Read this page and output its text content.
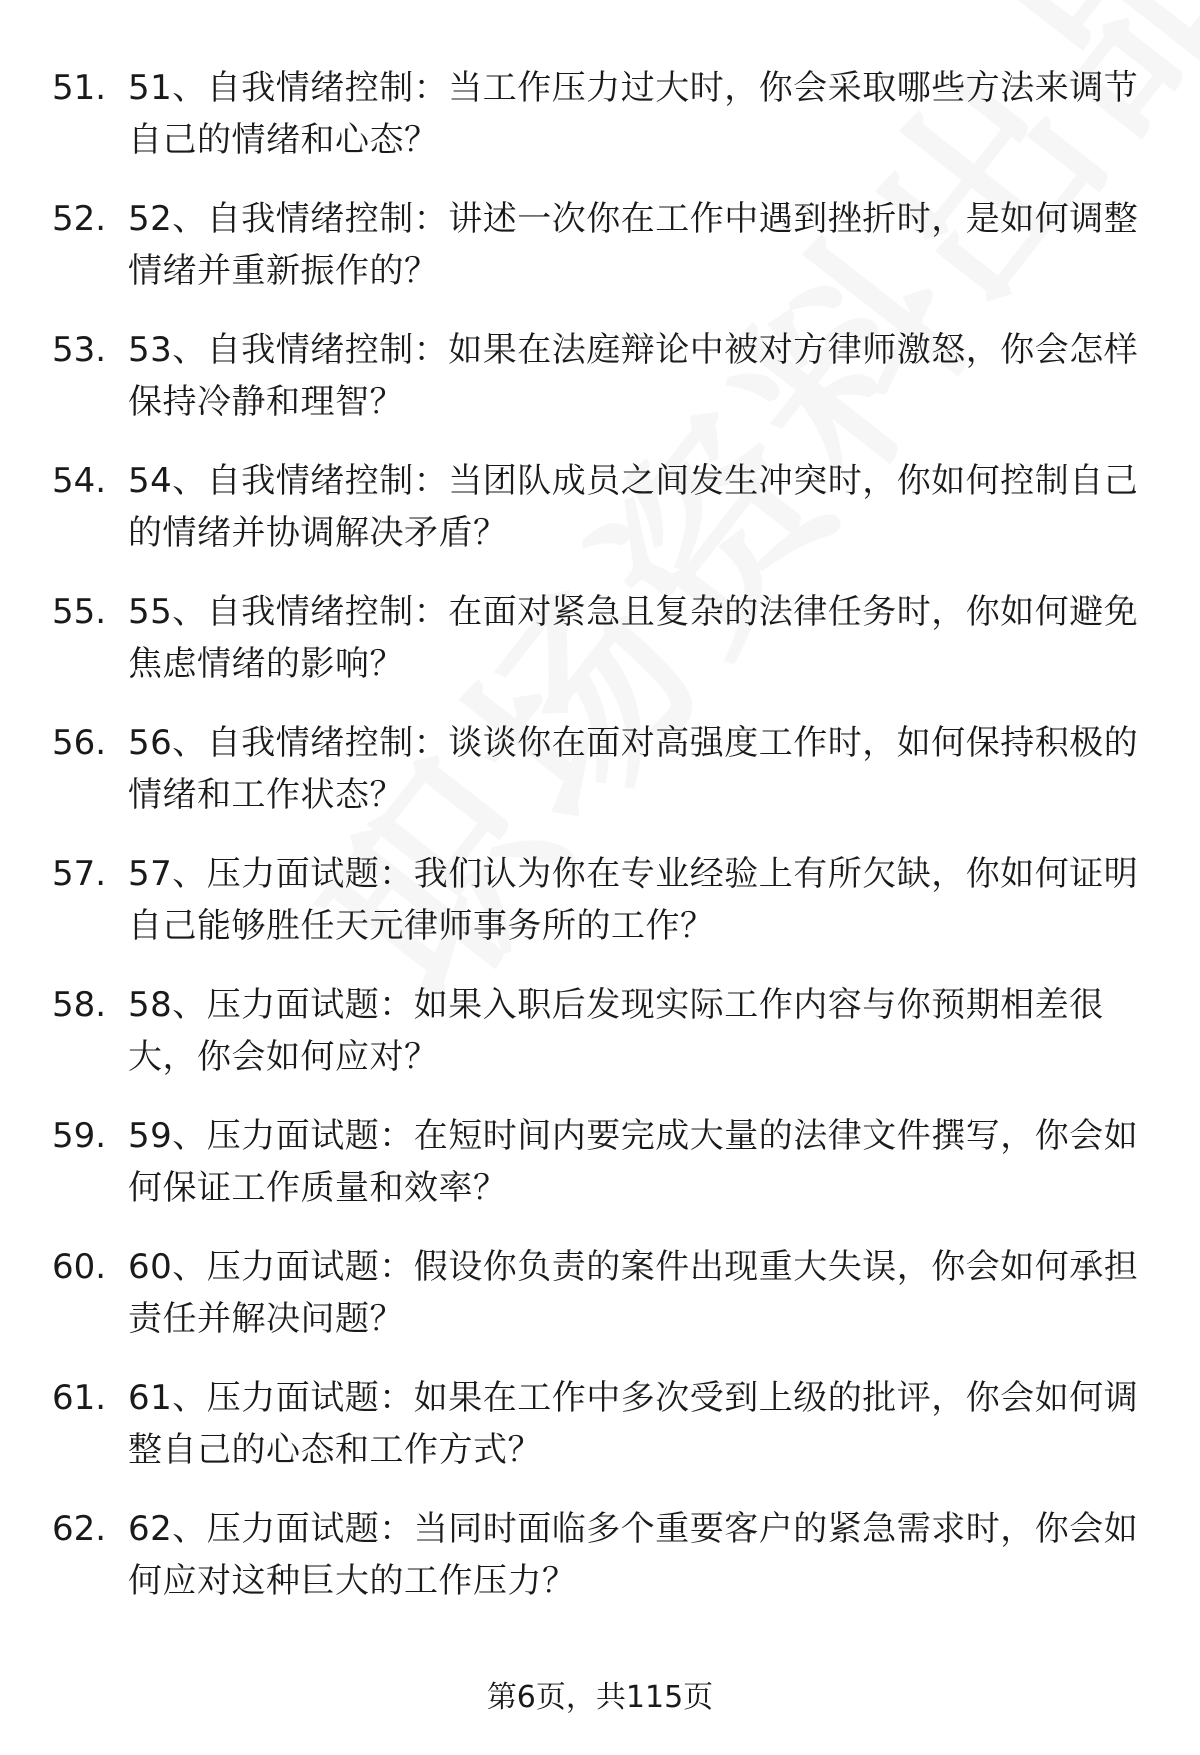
51. 51、自我情绪控制：当工作压力过大时，你会采取哪些方法来调节自己的情绪和心态？
52. 52、自我情绪控制：讲述一次你在工作中遇到挫折时，是如何调整情绪并重新振作的？
53. 53、自我情绪控制：如果在法庭辩论中被对方律师激怒，你会怎样保持冷静和理智？
54. 54、自我情绪控制：当团队成员之间发生冲突时，你如何控制自己的情绪并协调解决矛盾？
55. 55、自我情绪控制：在面对紧急且复杂的法律任务时，你如何避免焦虑情绪的影响？
56. 56、自我情绪控制：谈谈你在面对高强度工作时，如何保持积极的情绪和工作状态？
57. 57、压力面试题：我们认为你在专业经验上有所欠缺，你如何证明自己能够胜任天元律师事务所的工作？
58. 58、压力面试题：如果入职后发现实际工作内容与你预期相差很大，你会如何应对？
59. 59、压力面试题：在短时间内要完成大量的法律文件撰写，你会如何保证工作质量和效率？
60. 60、压力面试题：假设你负责的案件出现重大失误，你会如何承担责任并解决问题？
61. 61、压力面试题：如果在工作中多次受到上级的批评，你会如何调整自己的心态和工作方式？
62. 62、压力面试题：当同时面临多个重要客户的紧急需求时，你会如何应对这种巨大的工作压力？
第6页，共115页
